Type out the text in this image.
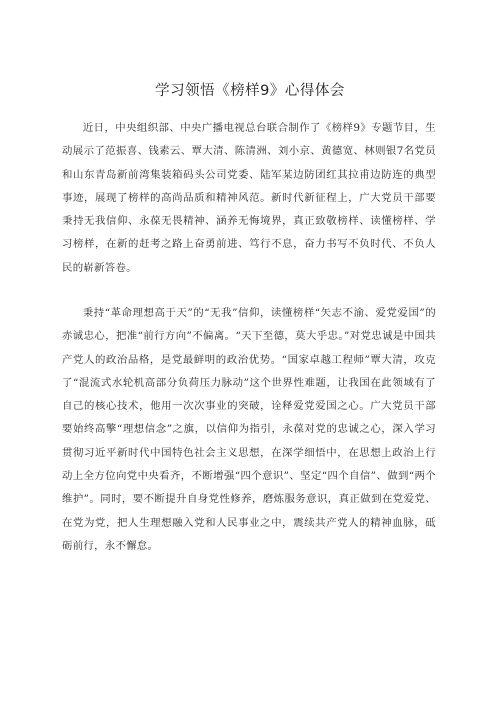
学习领悟《榜样9》心得体会

近日，中央组织部、中央广播电视总台联合制作了《榜样9》专题节目，生动展示了范振喜、钱素云、覃大清、陈清洲、刘小京、黄德宽、林则银7名党员和山东青岛新前湾集装箱码头公司党委、陆军某边防团红其拉甫边防连的典型事迹，展现了榜样的高尚品质和精神风范。新时代新征程上，广大党员干部要秉持无我信仰、永葆无畏精神、涵养无悔境界，真正致敬榜样、读懂榜样、学习榜样，在新的赶考之路上奋勇前进、笃行不息，奋力书写不负时代、不负人民的崭新答卷。

秉持“革命理想高于天”的“无我”信仰，读懂榜样“矢志不渝、爱党爱国”的赤诚忠心，把准“前行方向”不偏离。“天下至德，莫大乎忠。”对党忠诚是中国共产党人的政治品格，是党最鲜明的政治优势。“国家卓越工程师”覃大清，攻克了“混流式水轮机高部分负荷压力脉动”这个世界性难题，让我国在此领域有了自己的核心技术，他用一次次事业的突破，诠释爱党爱国之心。广大党员干部要始终高擎“理想信念”之旗，以信仰为指引，永葆对党的忠诚之心，深入学习贯彻习近平新时代中国特色社会主义思想，在深学细悟中，在思想上政治上行动上全方位向党中央看齐，不断增强“四个意识”、坚定“四个自信”、做到“两个维护”。同时，要不断提升自身党性修养，磨炼服务意识，真正做到在党爱党、在党为党，把人生理想融入党和人民事业之中，震续共产党人的精神血脉，砥砺前行，永不懈怠。
